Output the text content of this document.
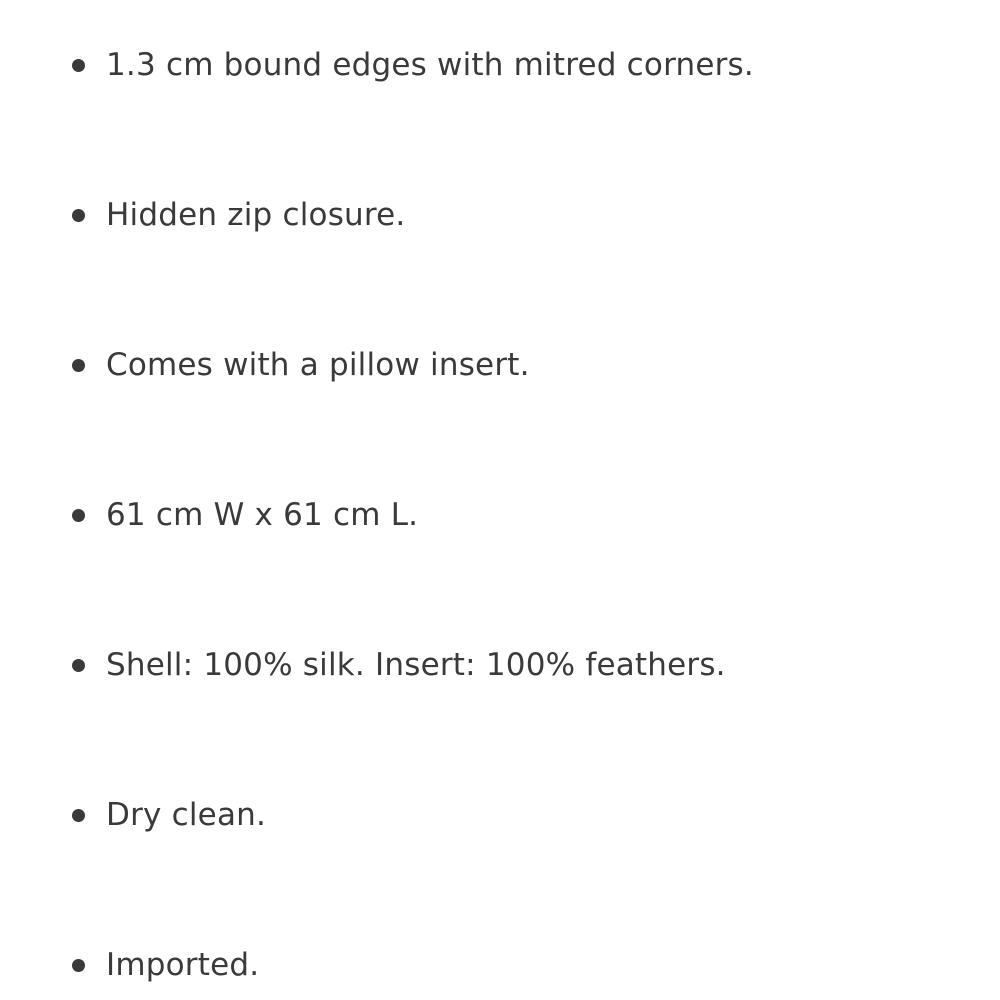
1.3 cm bound edges with mitred corners.
Hidden zip closure.
Comes with a pillow insert.
61 cm W x 61 cm L.
Shell: 100% silk. Insert: 100% feathers.
Dry clean.
Imported.
